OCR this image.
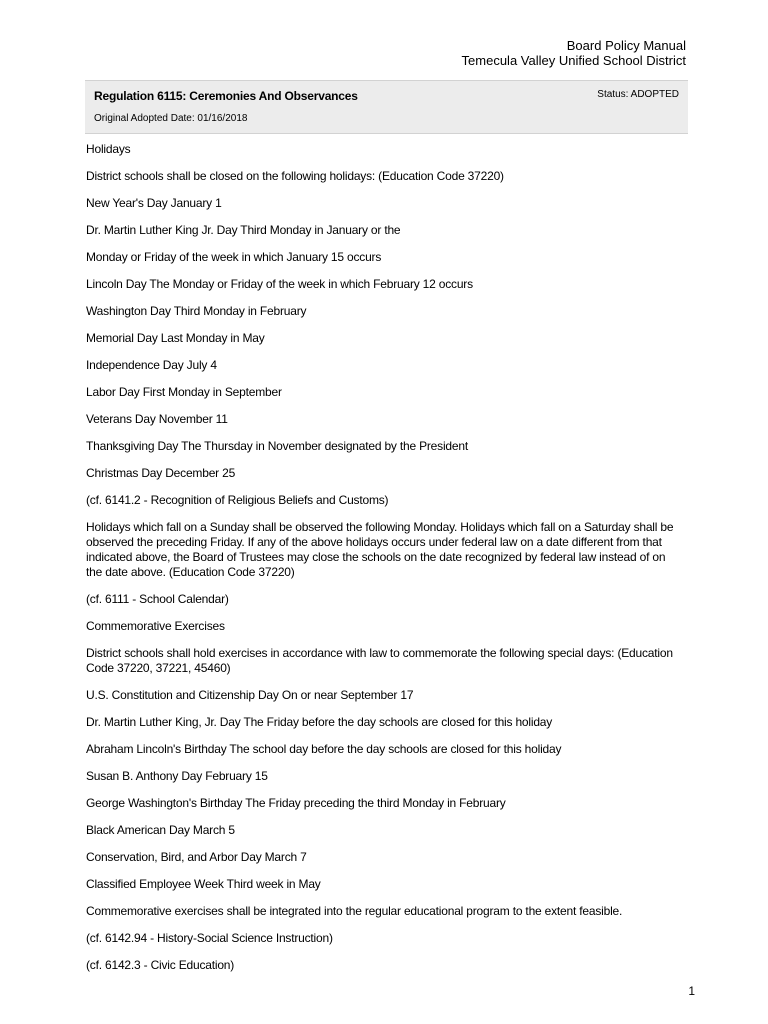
Board Policy Manual
Temecula Valley Unified School District
Regulation 6115: Ceremonies And Observances
Original Adopted Date: 01/16/2018
Status: ADOPTED

Holidays

District schools shall be closed on the following holidays: (Education Code 37220)

New Year's Day January 1

Dr. Martin Luther King Jr. Day Third Monday in January or the

Monday or Friday of the week in which January 15 occurs

Lincoln Day The Monday or Friday of the week in which February 12 occurs

Washington Day Third Monday in February

Memorial Day Last Monday in May

Independence Day July 4

Labor Day First Monday in September

Veterans Day November 11

Thanksgiving Day The Thursday in November designated by the President

Christmas Day December 25

(cf. 6141.2 - Recognition of Religious Beliefs and Customs)

Holidays which fall on a Sunday shall be observed the following Monday. Holidays which fall on a Saturday shall be observed the preceding Friday. If any of the above holidays occurs under federal law on a date different from that indicated above, the Board of Trustees may close the schools on the date recognized by federal law instead of on the date above. (Education Code 37220)

(cf. 6111 - School Calendar)

Commemorative Exercises

District schools shall hold exercises in accordance with law to commemorate the following special days: (Education Code 37220, 37221, 45460)

U.S. Constitution and Citizenship Day On or near September 17

Dr. Martin Luther King, Jr. Day The Friday before the day schools are closed for this holiday

Abraham Lincoln's Birthday The school day before the day schools are closed for this holiday

Susan B. Anthony Day February 15

George Washington's Birthday The Friday preceding the third Monday in February

Black American Day March 5

Conservation, Bird, and Arbor Day March 7

Classified Employee Week Third week in May

Commemorative exercises shall be integrated into the regular educational program to the extent feasible.

(cf. 6142.94 - History-Social Science Instruction)

(cf. 6142.3 - Civic Education)

1
